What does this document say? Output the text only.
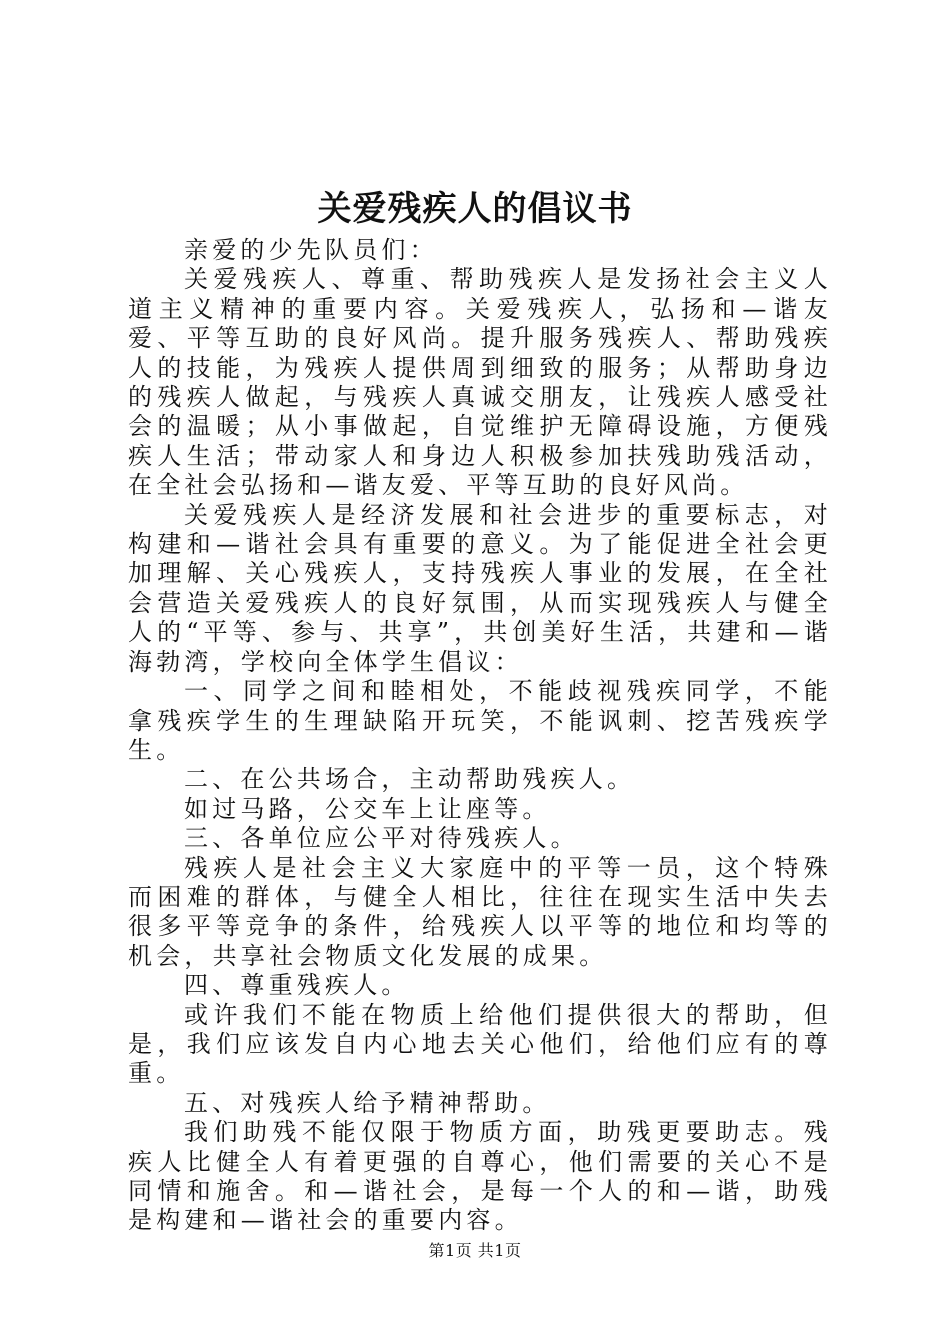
关爱残疾人的倡议书

亲爱的少先队员们：

关爱残疾人、尊重、帮助残疾人是发扬社会主义人道主义精神的重要内容。关爱残疾人，弘扬和—谐友爱、平等互助的良好风尚。提升服务残疾人、帮助残疾人的技能，为残疾人提供周到细致的服务；从帮助身边的残疾人做起，与残疾人真诚交朋友，让残疾人感受社会的温暖；从小事做起，自觉维护无障碍设施，方便残疾人生活；带动家人和身边人积极参加扶残助残活动，在全社会弘扬和—谐友爱、平等互助的良好风尚。

关爱残疾人是经济发展和社会进步的重要标志，对构建和—谐社会具有重要的意义。为了能促进全社会更加理解、关心残疾人，支持残疾人事业的发展，在全社会营造关爱残疾人的良好氛围，从而实现残疾人与健全人的“平等、参与、共享”，共创美好生活，共建和—谐海勃湾，学校向全体学生倡议：

一、同学之间和睦相处，不能歧视残疾同学，不能拿残疾学生的生理缺陷开玩笑，不能讽刺、挖苦残疾学生。

二、在公共场合，主动帮助残疾人。

如过马路，公交车上让座等。

三、各单位应公平对待残疾人。

残疾人是社会主义大家庭中的平等一员，这个特殊而困难的群体，与健全人相比，往往在现实生活中失去很多平等竞争的条件，给残疾人以平等的地位和均等的机会，共享社会物质文化发展的成果。

四、尊重残疾人。

或许我们不能在物质上给他们提供很大的帮助，但是，我们应该发自内心地去关心他们，给他们应有的尊重。

五、对残疾人给予精神帮助。

我们助残不能仅限于物质方面，助残更要助志。残疾人比健全人有着更强的自尊心，他们需要的关心不是同情和施舍。和—谐社会，是每一个人的和—谐，助残是构建和—谐社会的重要内容。

第1页 共1页
